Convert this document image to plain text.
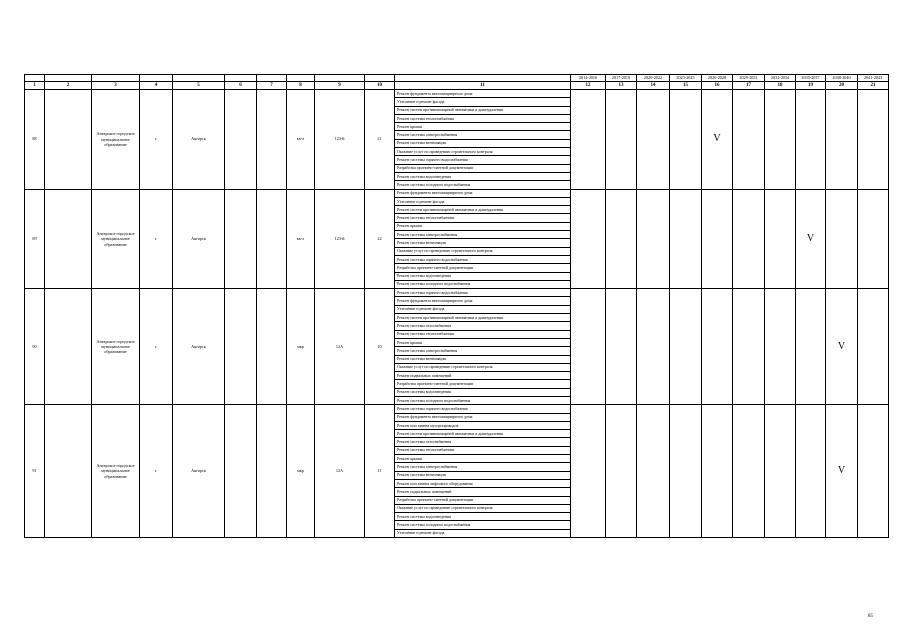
											2014-2016	2017-2019	2020-2022	2023-2025	2026-2028	2029-2031	2032-2034	2035-2037	2038-2040	2041-2043
1	2	3	4	5	6	7	8	9	10	11	12	13	14	15	16	17	18	19	20	21
88		Ангарское городское муниципальное образование	г.	Ангарск			кв-л	123-й	21	Ремонт фундамента многоквартирного дома					V					
										Утепление и ремонт фасада										
										Ремонт систем противопожарной автоматики и дымоудаления										
										Ремонт системы теплоснабжения										
										Ремонт крыши										
										Ремонт системы электроснабжения										
										Ремонт системы вентиляции										
										Оказание услуг по проведению строительного контроля										
										Ремонт системы горячего водоснабжения										
										Разработка проектно-сметной документации										
										Ремонт системы водоотведения										
										Ремонт системы холодного водоснабжения										
89		Ангарское городское муниципальное образование	г.	Ангарск			кв-л	123-й	22	Ремонт фундамента многоквартирного дома								V		
										Утепление и ремонт фасада										
										Ремонт систем противопожарной автоматики и дымоудаления										
										Ремонт системы теплоснабжения										
										Ремонт крыши										
										Ремонт системы электроснабжения										
										Ремонт системы вентиляции										
										Оказание услуг по проведению строительного контроля										
										Ремонт системы горячего водоснабжения										
										Разработка проектно-сметной документации										
										Ремонт системы водоотведения										
										Ремонт системы холодного водоснабжения										
90		Ангарское городское муниципальное образование	г.	Ангарск			мкр	12А	10	Ремонт системы горячего водоснабжения									V	
										Ремонт фундамента многоквартирного дома										
										Утепление и ремонт фасада										
										Ремонт систем противопожарной автоматики и дымоудаления										
										Ремонт системы газоснабжения										
										Ремонт системы теплоснабжения										
										Ремонт крыши										
										Ремонт системы электроснабжения										
										Ремонт системы вентиляции										
										Оказание услуг по проведению строительного контроля										
										Ремонт подвальных помещений										
										Разработка проектно-сметной документации										
										Ремонт системы водоотведения										
										Ремонт системы холодного водоснабжения										
91		Ангарское городское муниципальное образование	г.	Ангарск			мкр	12А	11	Ремонт системы горячего водоснабжения									V	
										Ремонт фундамента многоквартирного дома										
										Ремонт или замена мусоропроводов										
										Ремонт систем противопожарной автоматики и дымоудаления										
										Ремонт системы газоснабжения										
										Ремонт системы теплоснабжения										
										Ремонт крыши										
										Ремонт системы электроснабжения										
										Ремонт системы вентиляции										
										Ремонт или замена лифтового оборудования										
										Ремонт подвальных помещений										
										Разработка проектно-сметной документации										
										Оказание услуг по проведению строительного контроля										
										Ремонт системы водоотведения										
										Ремонт системы холодного водоснабжения										
										Утепление и ремонт фасада										
85
